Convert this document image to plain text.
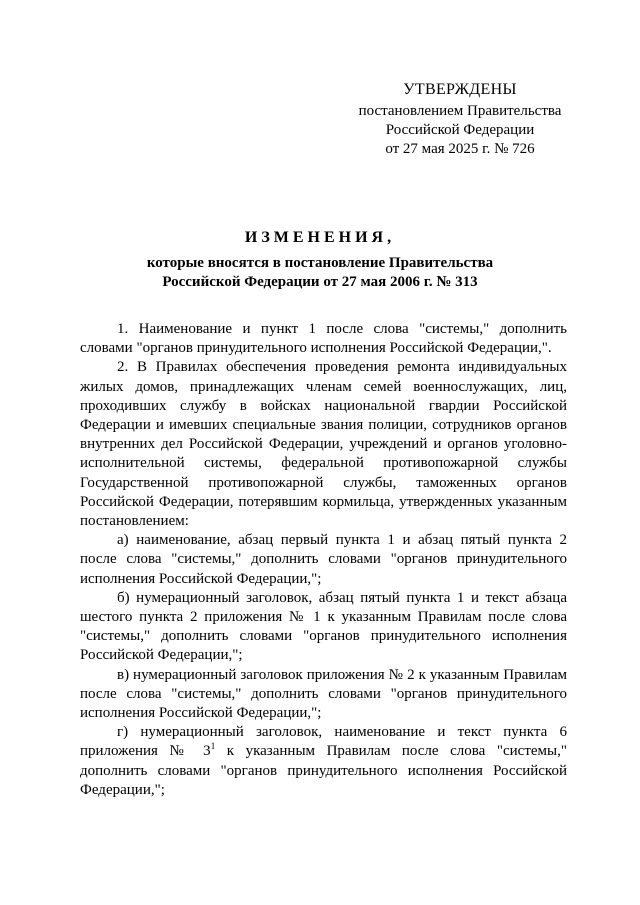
УТВЕРЖДЕНЫ
постановлением Правительства
Российской Федерации
от 27 мая 2025 г. № 726
ИЗМЕНЕНИЯ,
которые вносятся в постановление Правительства
Российской Федерации от 27 мая 2006 г. № 313

1. Наименование и пункт 1 после слова "системы," дополнить словами "органов принудительного исполнения Российской Федерации,".

2. В Правилах обеспечения проведения ремонта индивидуальных жилых домов, принадлежащих членам семей военнослужащих, лиц, проходивших службу в войсках национальной гвардии Российской Федерации и имевших специальные звания полиции, сотрудников органов внутренних дел Российской Федерации, учреждений и органов уголовно-исполнительной системы, федеральной противопожарной службы Государственной противопожарной службы, таможенных органов Российской Федерации, потерявшим кормильца, утвержденных указанным постановлением:

а) наименование, абзац первый пункта 1 и абзац пятый пункта 2 после слова "системы," дополнить словами "органов принудительного исполнения Российской Федерации,";

б) нумерационный заголовок, абзац пятый пункта 1 и текст абзаца шестого пункта 2 приложения № 1 к указанным Правилам после слова "системы," дополнить словами "органов принудительного исполнения Российской Федерации,";

в) нумерационный заголовок приложения № 2 к указанным Правилам после слова "системы," дополнить словами "органов принудительного исполнения Российской Федерации,";

г) нумерационный заголовок, наименование и текст пункта 6 приложения № $3^1$ к указанным Правилам после слова "системы," дополнить словами "органов принудительного исполнения Российской Федерации,";
